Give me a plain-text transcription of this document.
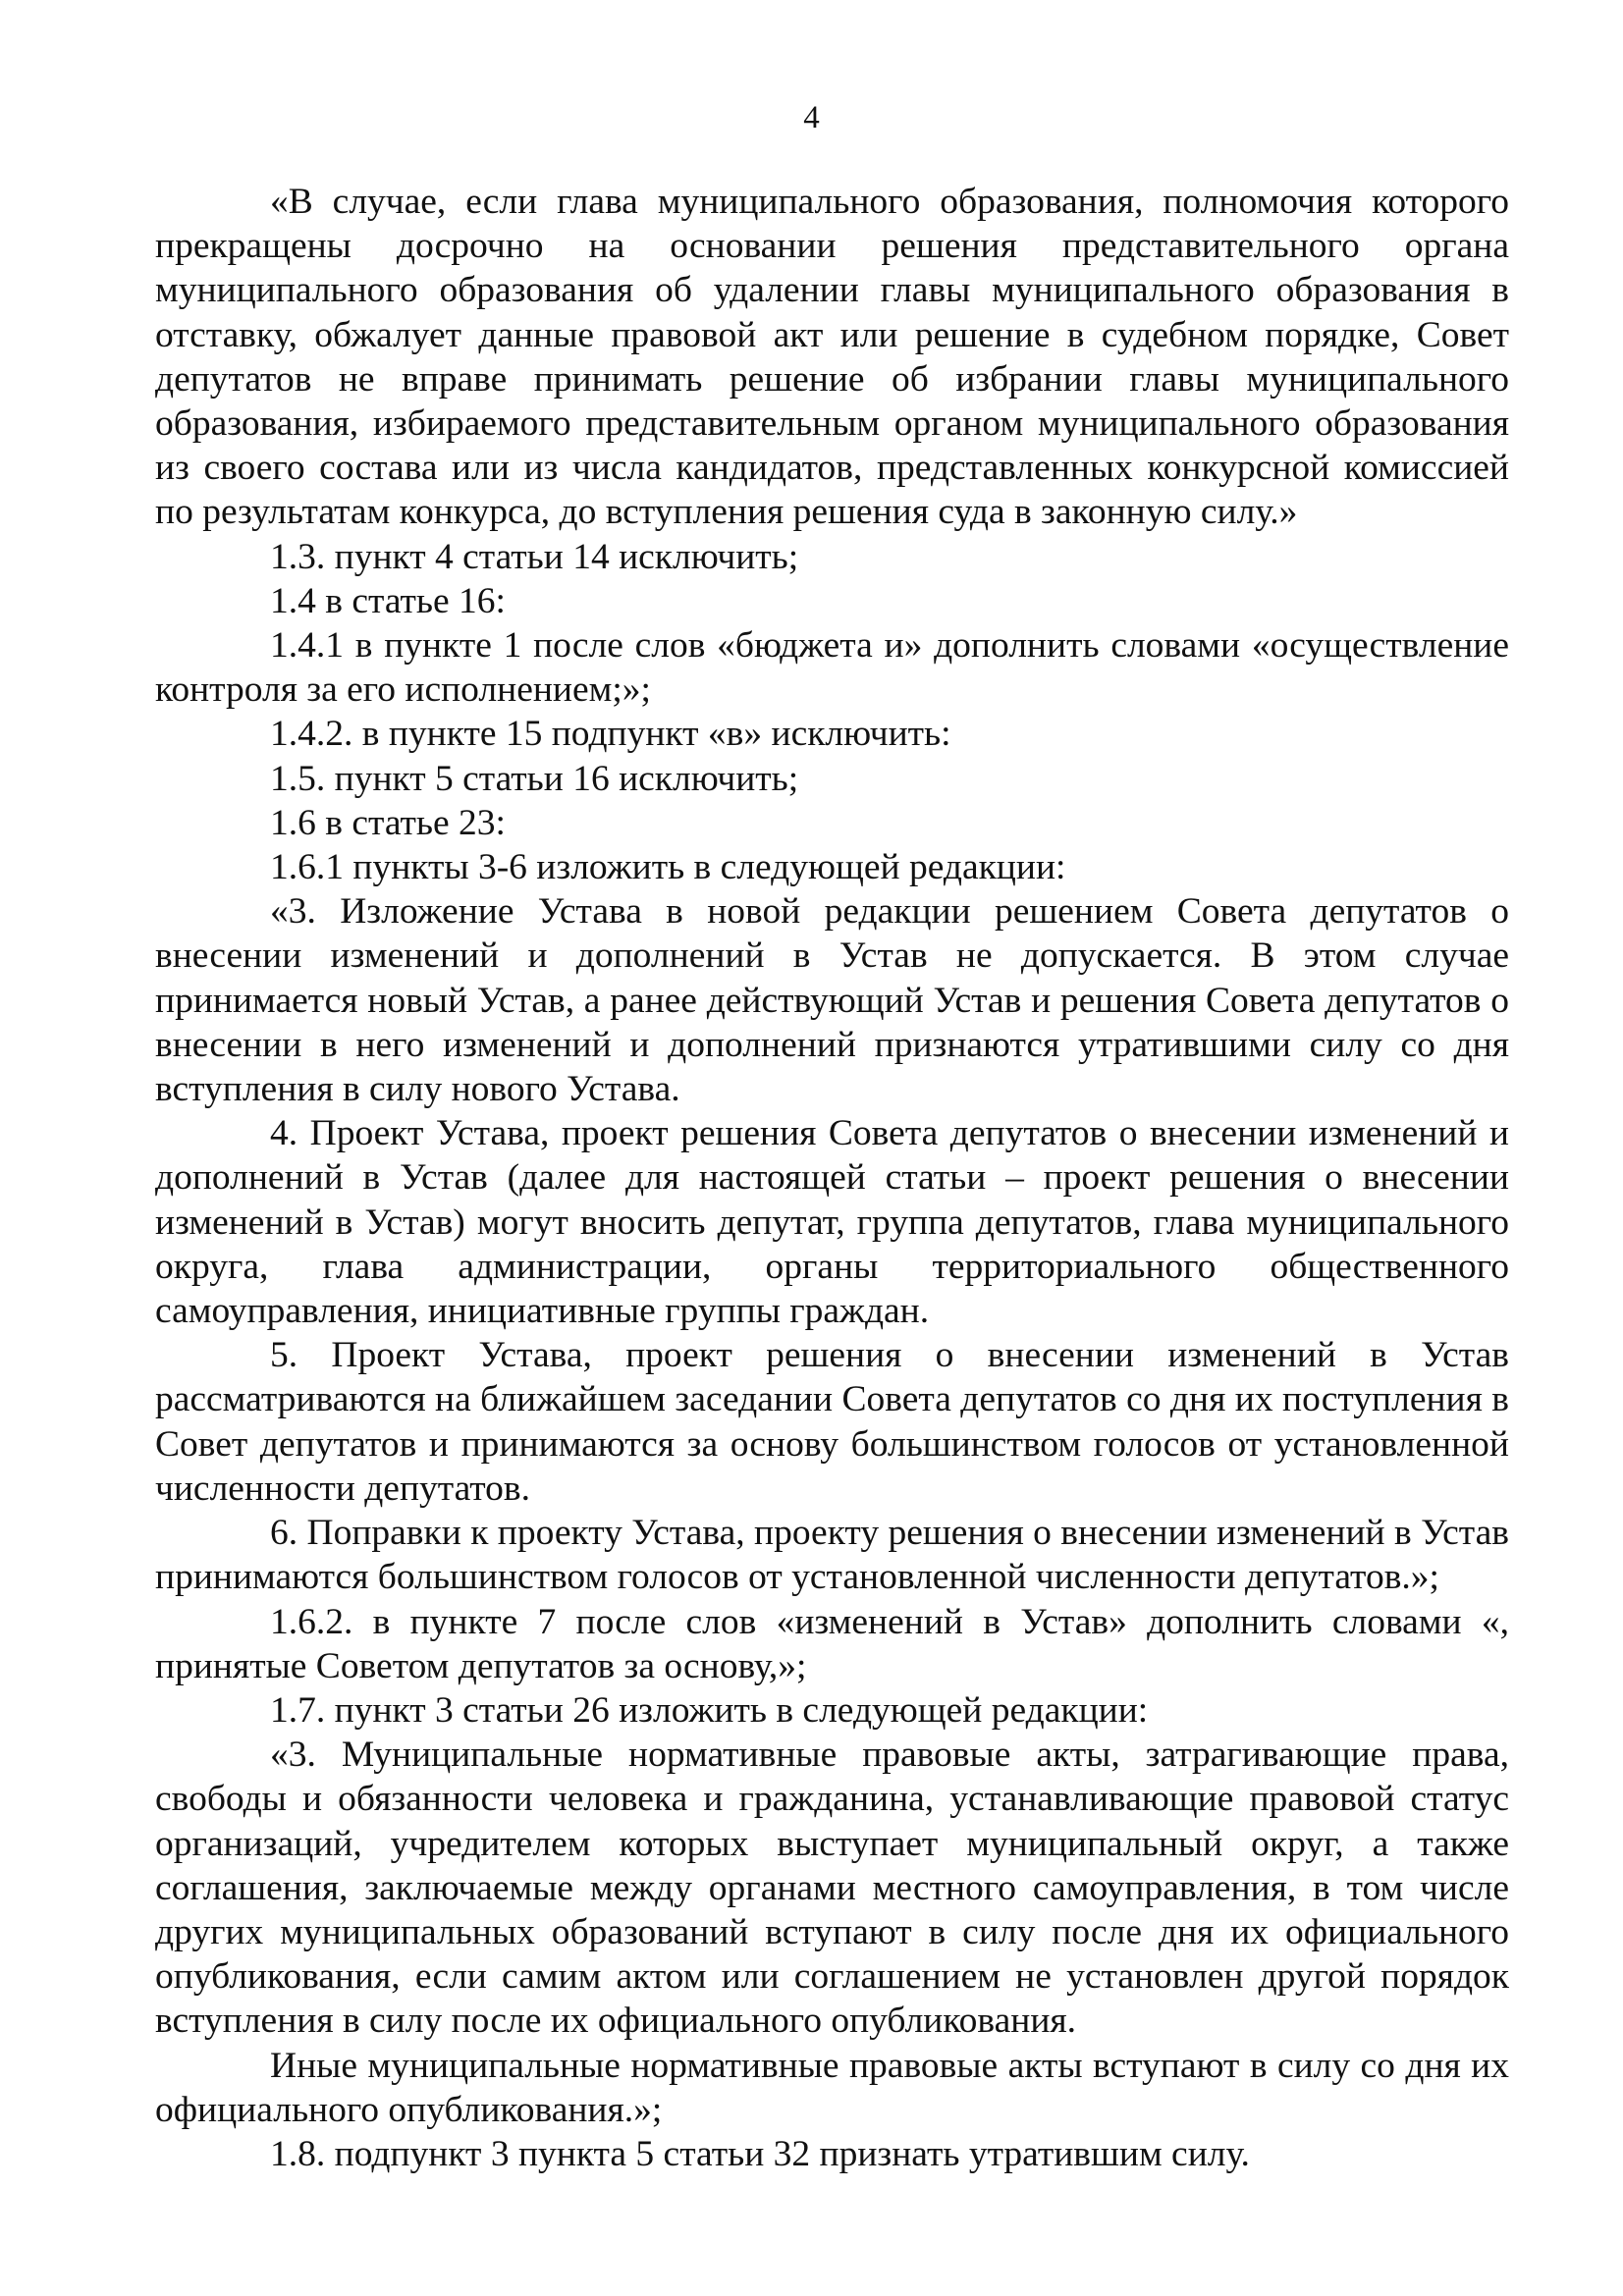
4

«В случае, если глава муниципального образования, полномочия которого прекращены досрочно на основании решения представительного органа муниципального образования об удалении главы муниципального образования в отставку, обжалует данные правовой акт или решение в судебном порядке, Совет депутатов не вправе принимать решение об избрании главы муниципального образования, избираемого представительным органом муниципального образования из своего состава или из числа кандидатов, представленных конкурсной комиссией по результатам конкурса, до вступления решения суда в законную силу.»

1.3. пункт 4 статьи 14 исключить;

1.4 в статье 16:

1.4.1 в пункте 1 после слов «бюджета и» дополнить словами «осуществление контроля за его исполнением;»;

1.4.2. в пункте 15 подпункт «в» исключить:

1.5. пункт 5 статьи 16 исключить;

1.6 в статье 23:

1.6.1 пункты 3-6 изложить в следующей редакции:

«3. Изложение Устава в новой редакции решением Совета депутатов о внесении изменений и дополнений в Устав не допускается. В этом случае принимается новый Устав, а ранее действующий Устав и решения Совета депутатов о внесении в него изменений и дополнений признаются утратившими силу со дня вступления в силу нового Устава.

4. Проект Устава, проект решения Совета депутатов о внесении изменений и дополнений в Устав (далее для настоящей статьи – проект решения о внесении изменений в Устав) могут вносить депутат, группа депутатов, глава муниципального округа, глава администрации, органы территориального общественного самоуправления, инициативные группы граждан.

5. Проект Устава, проект решения о внесении изменений в Устав рассматриваются на ближайшем заседании Совета депутатов со дня их поступления в Совет депутатов и принимаются за основу большинством голосов от установленной численности депутатов.

6. Поправки к проекту Устава, проекту решения о внесении изменений в Устав принимаются большинством голосов от установленной численности депутатов.»;

1.6.2. в пункте 7 после слов «изменений в Устав» дополнить словами «, принятые Советом депутатов за основу,»;

1.7. пункт 3 статьи 26 изложить в следующей редакции:

«3. Муниципальные нормативные правовые акты, затрагивающие права, свободы и обязанности человека и гражданина, устанавливающие правовой статус организаций, учредителем которых выступает муниципальный округ, а также соглашения, заключаемые между органами местного самоуправления, в том числе других муниципальных образований вступают в силу после дня их официального опубликования, если самим актом или соглашением не установлен другой порядок вступления в силу после их официального опубликования.

Иные муниципальные нормативные правовые акты вступают в силу со дня их официального опубликования.»;

1.8. подпункт 3 пункта 5 статьи 32 признать утратившим силу.
